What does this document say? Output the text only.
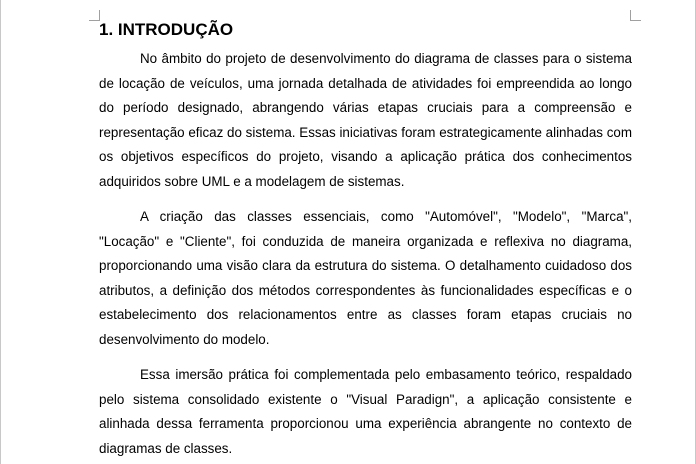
1. INTRODUÇÃO

No âmbito do projeto de desenvolvimento do diagrama de classes para o sistema de locação de veículos, uma jornada detalhada de atividades foi empreendida ao longo do período designado, abrangendo várias etapas cruciais para a compreensão e representação eficaz do sistema. Essas iniciativas foram estrategicamente alinhadas com os objetivos específicos do projeto, visando a aplicação prática dos conhecimentos adquiridos sobre UML e a modelagem de sistemas.

A criação das classes essenciais, como "Automóvel", "Modelo", "Marca", "Locação" e "Cliente", foi conduzida de maneira organizada e reflexiva no diagrama, proporcionando uma visão clara da estrutura do sistema. O detalhamento cuidadoso dos atributos, a definição dos métodos correspondentes às funcionalidades específicas e o estabelecimento dos relacionamentos entre as classes foram etapas cruciais no desenvolvimento do modelo.

Essa imersão prática foi complementada pelo embasamento teórico, respaldado pelo sistema consolidado existente o "Visual Paradign", a aplicação consistente e alinhada dessa ferramenta proporcionou uma experiência abrangente no contexto de diagramas de classes.
